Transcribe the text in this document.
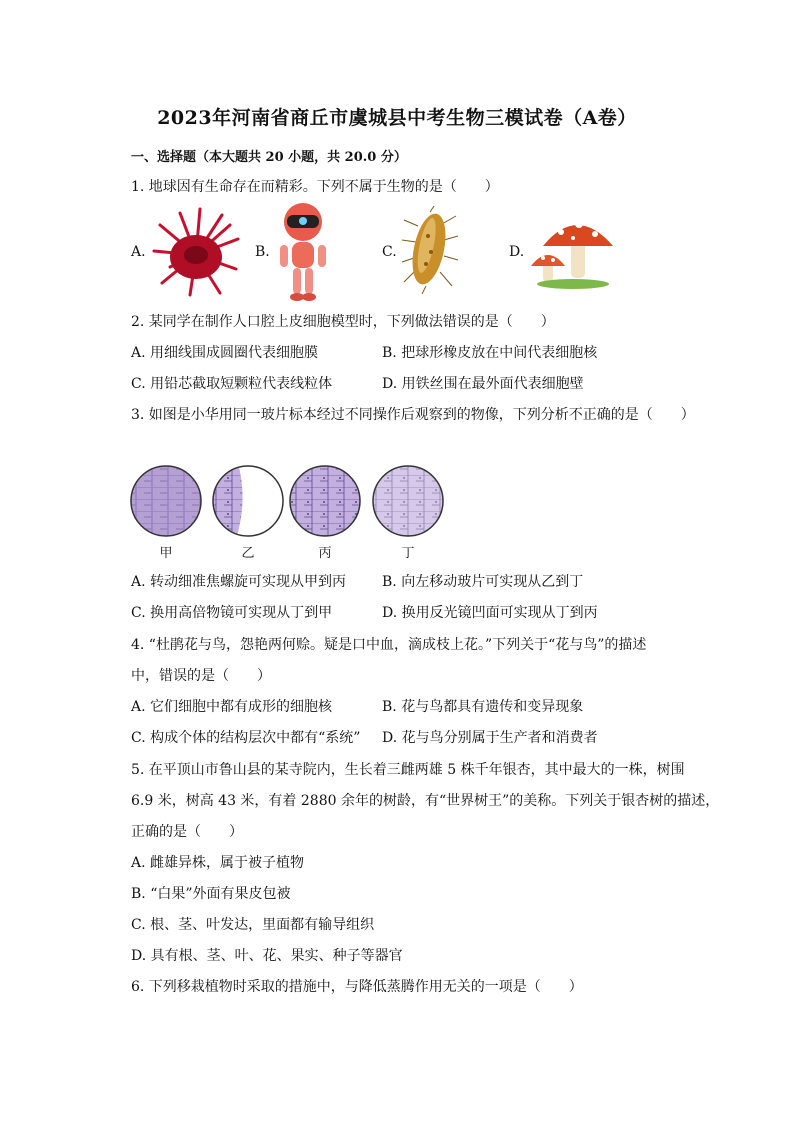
2023年河南省商丘市虞城县中考生物三模试卷（A卷）
一、选择题（本大题共 20 小题，共 20.0 分）
1. 地球因有生命存在而精彩。下列不属于生物的是（　　）
A.	B.	C.	D.
2. 某同学在制作人口腔上皮细胞模型时，下列做法错误的是（　　）
A. 用细线围成圆圈代表细胞膜	B. 把球形橡皮放在中间代表细胞核
C. 用铅芯截取短颗粒代表线粒体	D. 用铁丝围在最外面代表细胞壁
3. 如图是小华用同一玻片标本经过不同操作后观察到的物像，下列分析不正确的是（　　）
甲	乙	丙	丁
A. 转动细准焦螺旋可实现从甲到丙	B. 向左移动玻片可实现从乙到丁
C. 换用高倍物镜可实现从丁到甲	D. 换用反光镜凹面可实现从丁到丙
4. “杜鹃花与鸟，怨艳两何赊。疑是口中血，滴成枝上花。”下列关于“花与鸟”的描述
中，错误的是（　　）
A. 它们细胞中都有成形的细胞核	B. 花与鸟都具有遗传和变异现象
C. 构成个体的结构层次中都有“系统” D. 花与鸟分别属于生产者和消费者
5. 在平顶山市鲁山县的某寺院内，生长着三雌两雄 5 株千年银杏，其中最大的一株，树围
6.9 米，树高 43 米，有着 2880 余年的树龄，有“世界树王”的美称。下列关于银杏树的描述，
正确的是（　　）
A. 雌雄异株，属于被子植物
B. “白果”外面有果皮包被
C. 根、茎、叶发达，里面都有输导组织
D. 具有根、茎、叶、花、果实、种子等器官
6. 下列移栽植物时采取的措施中，与降低蒸腾作用无关的一项是（　　）
